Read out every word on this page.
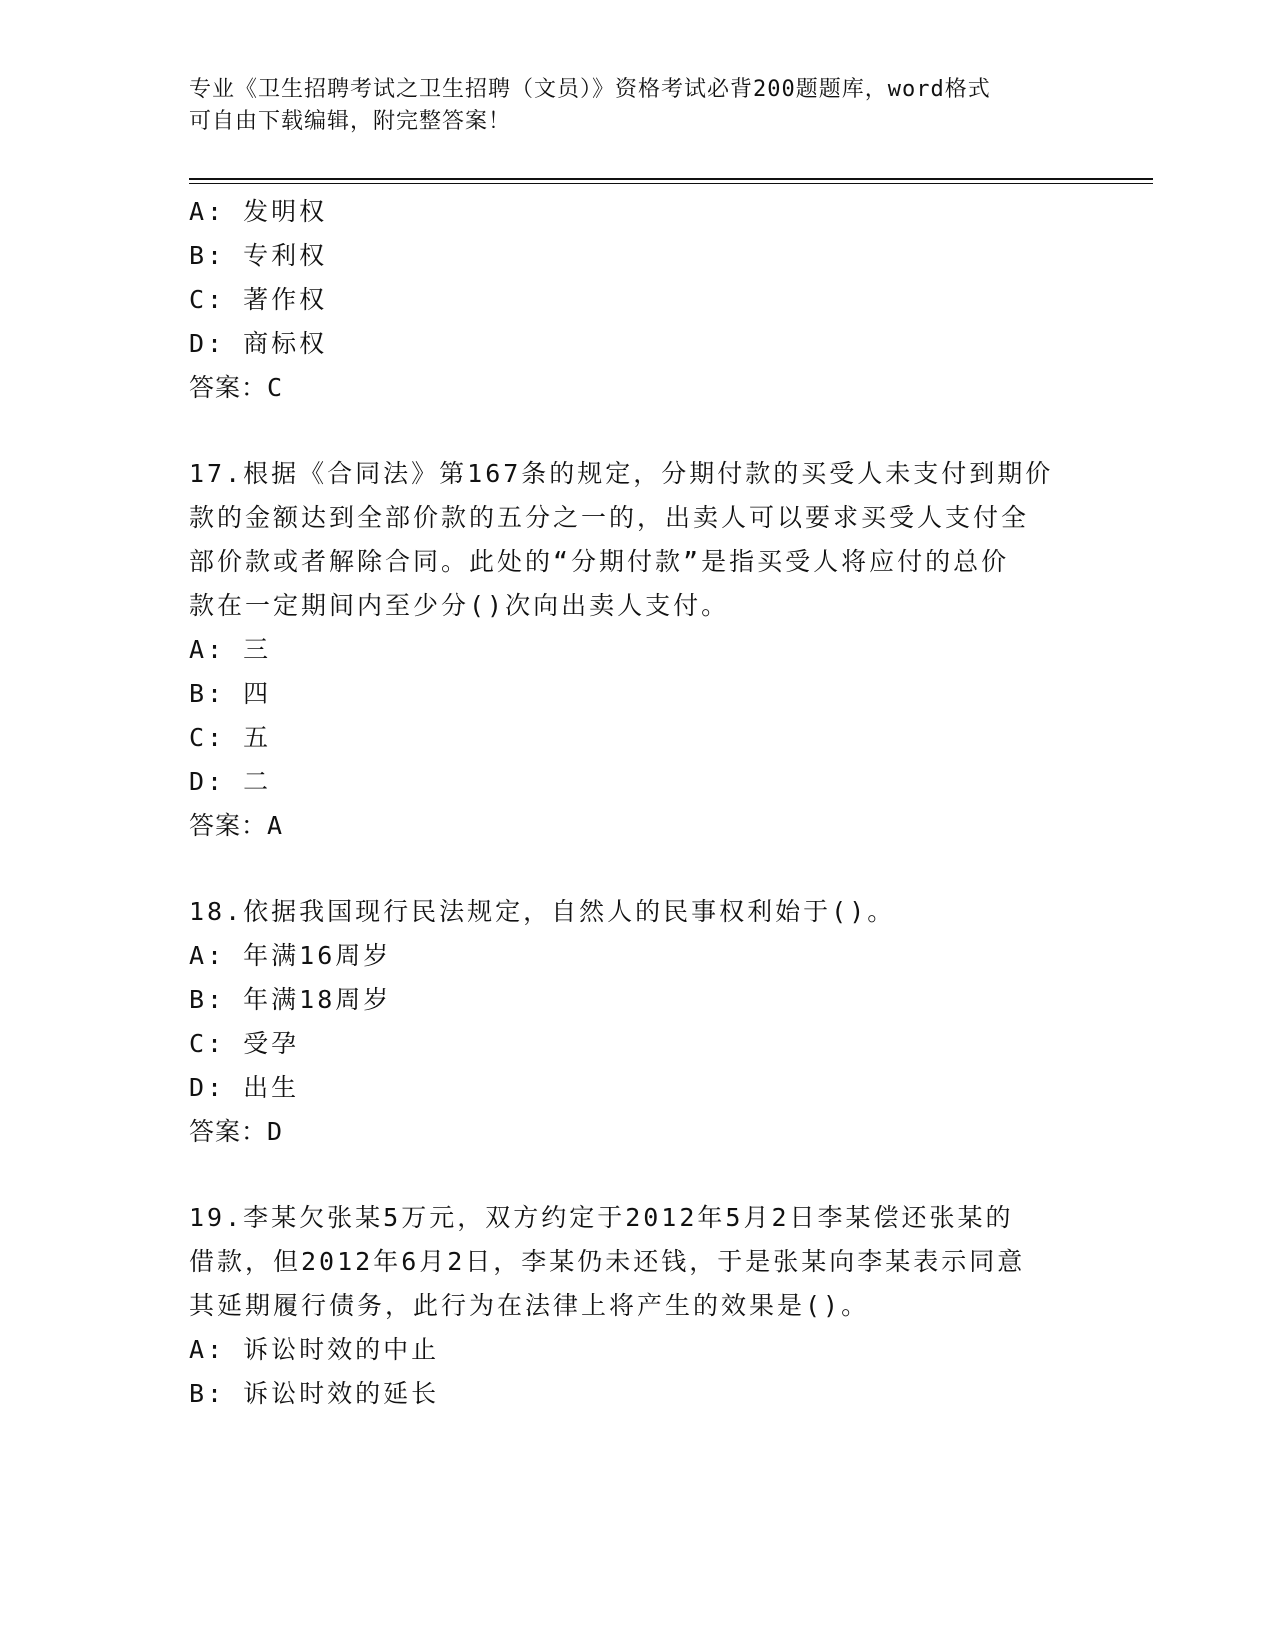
专业《卫生招聘考试之卫生招聘（文员）》资格考试必背200题题库，word格式
可自由下载编辑，附完整答案！
A: 发明权
B: 专利权
C: 著作权
D: 商标权
答案：C
17.根据《合同法》第167条的规定，分期付款的买受人未支付到期价
款的金额达到全部价款的五分之一的，出卖人可以要求买受人支付全
部价款或者解除合同。此处的“分期付款”是指买受人将应付的总价
款在一定期间内至少分()次向出卖人支付。
A: 三
B: 四
C: 五
D: 二
答案：A
18.依据我国现行民法规定，自然人的民事权利始于()。
A: 年满16周岁
B: 年满18周岁
C: 受孕
D: 出生
答案：D
19.李某欠张某5万元，双方约定于2012年5月2日李某偿还张某的
借款，但2012年6月2日，李某仍未还钱，于是张某向李某表示同意
其延期履行债务，此行为在法律上将产生的效果是()。
A: 诉讼时效的中止
B: 诉讼时效的延长
